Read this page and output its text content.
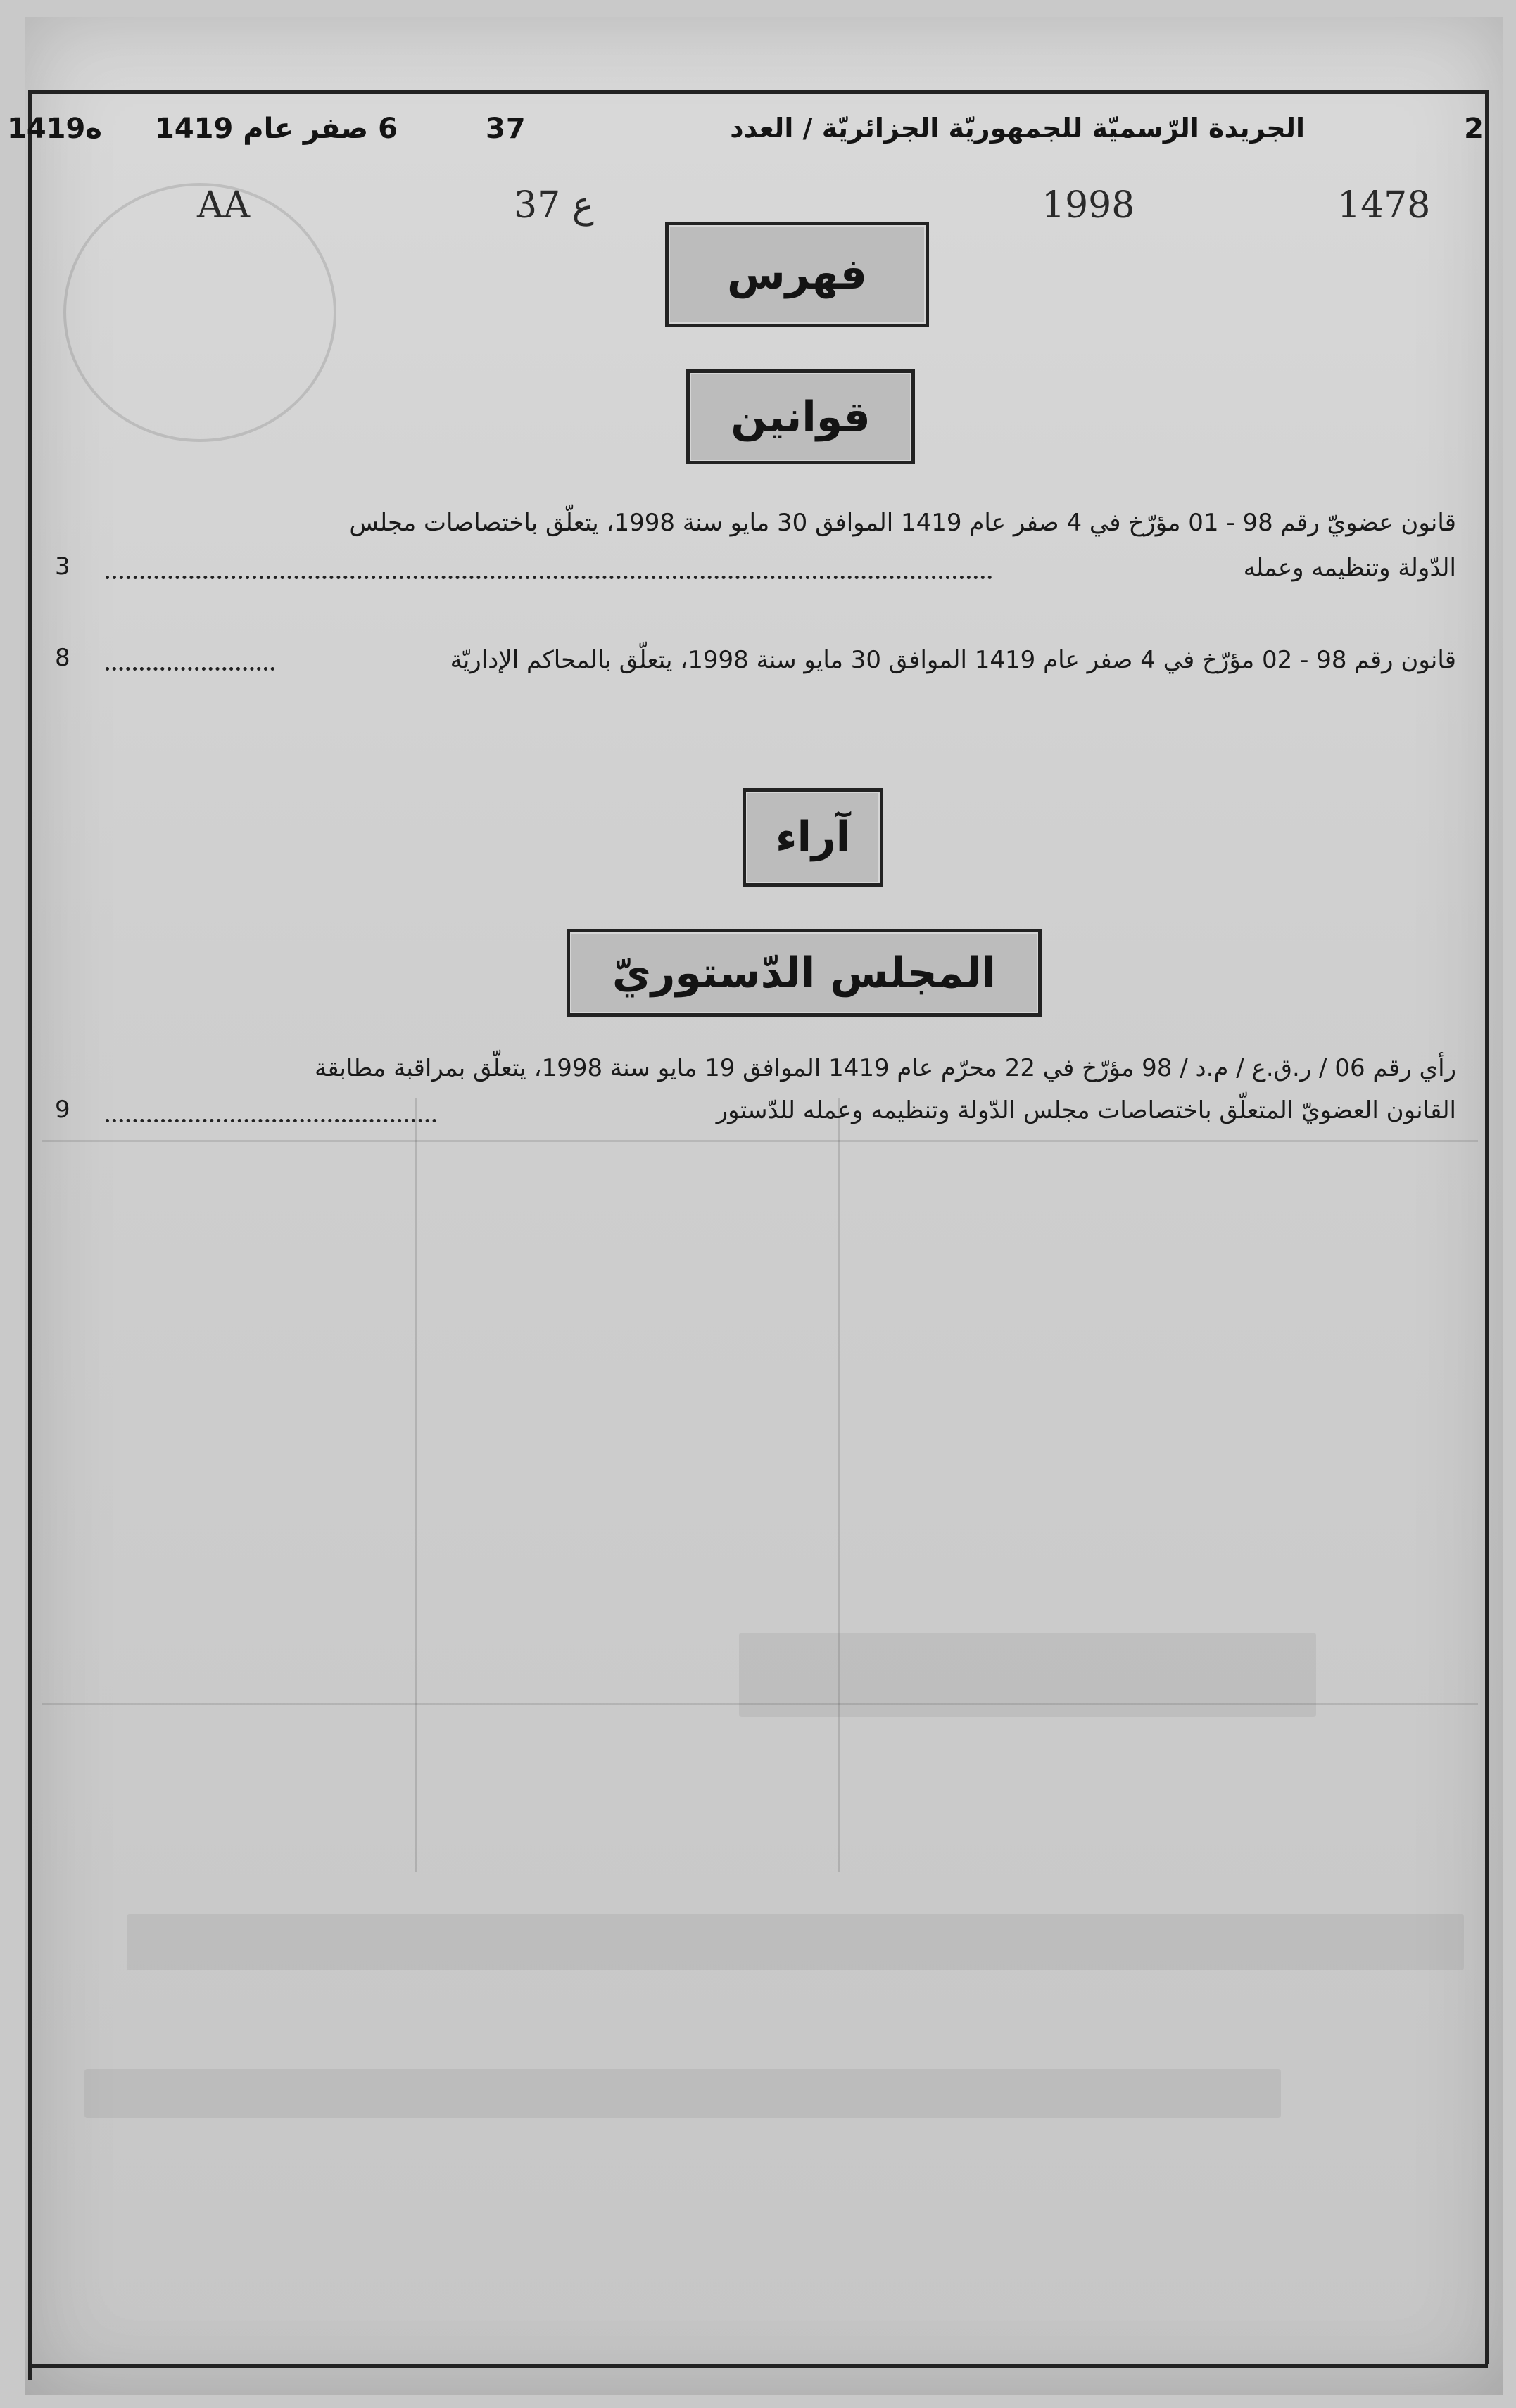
2
الجريدة الرّسميّة للجمهوريّة الجزائريّة / العدد
37
6 صفر عام 1419
1419ه
AA	37 ع	1998	1478
فهرس
قوانين
قانون عضويّ رقم 98 - 01 مؤرّخ في 4 صفر عام 1419 الموافق 30 مايو سنة 1998، يتعلّق باختصاصات مجلس
الدّولة وتنظيمه وعمله
3
قانون رقم 98 - 02 مؤرّخ في 4 صفر عام 1419 الموافق 30 مايو سنة 1998، يتعلّق بالمحاكم الإداريّة
8
آراء
المجلس الدّستوريّ
رأي رقم 06 / ر.ق.ع / م.د / 98 مؤرّخ في 22 محرّم عام 1419 الموافق 19 مايو سنة 1998، يتعلّق بمراقبة مطابقة
القانون العضويّ المتعلّق باختصاصات مجلس الدّولة وتنظيمه وعمله للدّستور
9
